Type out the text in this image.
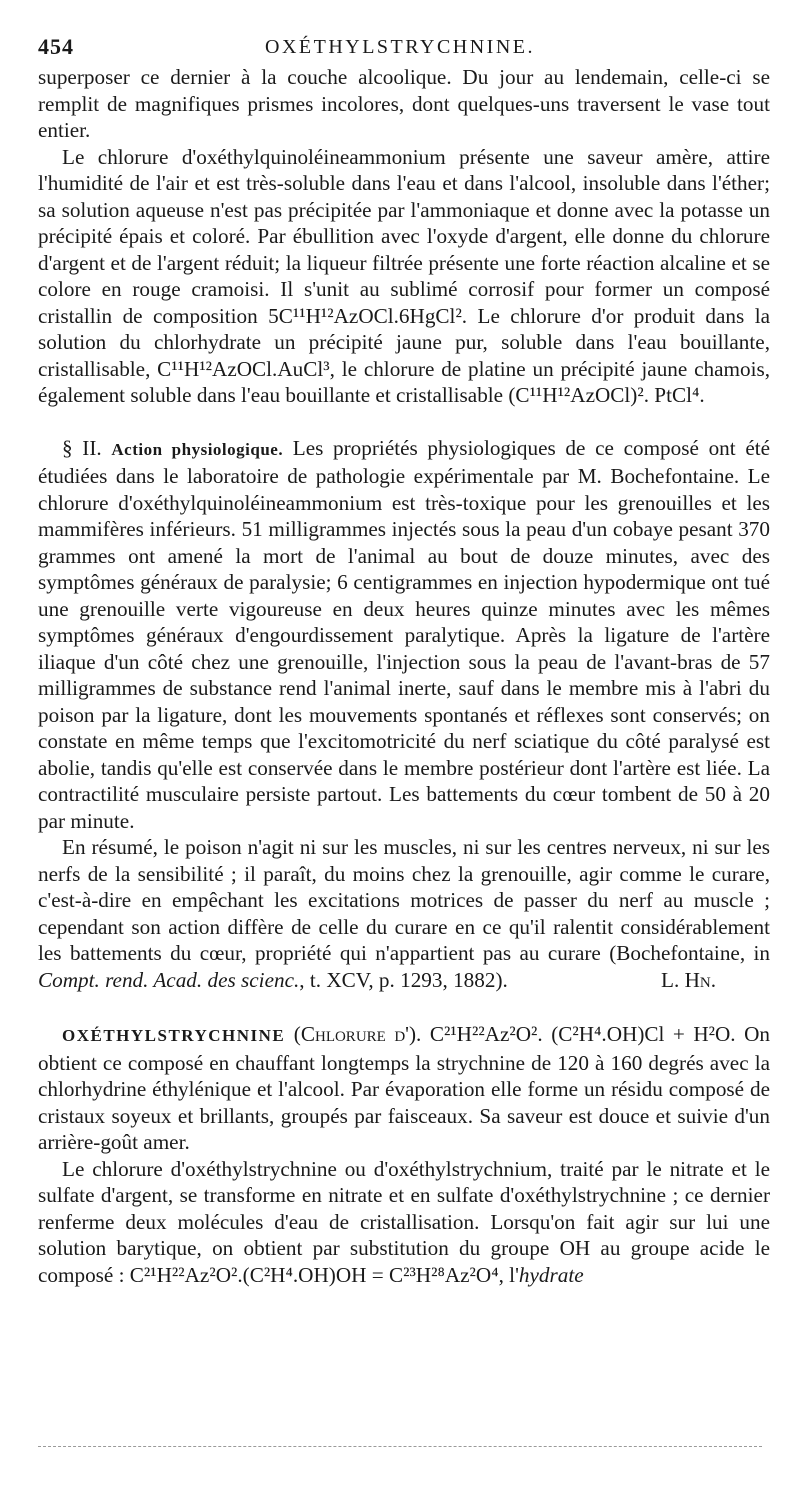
454	OXÉTHYLSTRYCHNINE.

superposer ce dernier à la couche alcoolique. Du jour au lendemain, celle-ci se remplit de magnifiques prismes incolores, dont quelques-uns traversent le vase tout entier.

Le chlorure d'oxéthylquinoléineammonium présente une saveur amère, attire l'humidité de l'air et est très-soluble dans l'eau et dans l'alcool, insoluble dans l'éther; sa solution aqueuse n'est pas précipitée par l'ammoniaque et donne avec la potasse un précipité épais et coloré. Par ébullition avec l'oxyde d'argent, elle donne du chlorure d'argent et de l'argent réduit; la liqueur filtrée présente une forte réaction alcaline et se colore en rouge cramoisi. Il s'unit au sublimé corrosif pour former un composé cristallin de composition 5C¹¹H¹²AzOCl.6HgCl². Le chlorure d'or produit dans la solution du chlorhydrate un précipité jaune pur, soluble dans l'eau bouillante, cristallisable, C¹¹H¹²AzOCl.AuCl³, le chlorure de platine un précipité jaune chamois, également soluble dans l'eau bouillante et cristallisable (C¹¹H¹²AzOCl)². PtCl⁴.

§ II. Action physiologique. Les propriétés physiologiques de ce composé ont été étudiées dans le laboratoire de pathologie expérimentale par M. Bochefontaine. Le chlorure d'oxéthylquinoléineammonium est très-toxique pour les grenouilles et les mammifères inférieurs. 51 milligrammes injectés sous la peau d'un cobaye pesant 370 grammes ont amené la mort de l'animal au bout de douze minutes, avec des symptômes généraux de paralysie; 6 centigrammes en injection hypodermique ont tué une grenouille verte vigoureuse en deux heures quinze minutes avec les mêmes symptômes généraux d'engourdissement paralytique. Après la ligature de l'artère iliaque d'un côté chez une grenouille, l'injection sous la peau de l'avant-bras de 57 milligrammes de substance rend l'animal inerte, sauf dans le membre mis à l'abri du poison par la ligature, dont les mouvements spontanés et réflexes sont conservés; on constate en même temps que l'excitomotricité du nerf sciatique du côté paralysé est abolie, tandis qu'elle est conservée dans le membre postérieur dont l'artère est liée. La contractilité musculaire persiste partout. Les battements du cœur tombent de 50 à 20 par minute.

En résumé, le poison n'agit ni sur les muscles, ni sur les centres nerveux, ni sur les nerfs de la sensibilité ; il paraît, du moins chez la grenouille, agir comme le curare, c'est-à-dire en empêchant les excitations motrices de passer du nerf au muscle ; cependant son action diffère de celle du curare en ce qu'il ralentit considérablement les battements du cœur, propriété qui n'appartient pas au curare (Bochefontaine, in Compt. rend. Acad. des scienc., t. XCV, p. 1293, 1882).	L. Hn.

OXÉTHYLSTRYCHNINE (Chlorure d'). C²¹H²²Az²O². (C²H⁴.OH)Cl + H²O. On obtient ce composé en chauffant longtemps la strychnine de 120 à 160 degrés avec la chlorhydrine éthylénique et l'alcool. Par évaporation elle forme un résidu composé de cristaux soyeux et brillants, groupés par faisceaux. Sa saveur est douce et suivie d'un arrière-goût amer.

Le chlorure d'oxéthylstrychnine ou d'oxéthylstrychnium, traité par le nitrate et le sulfate d'argent, se transforme en nitrate et en sulfate d'oxéthylstrychnine ; ce dernier renferme deux molécules d'eau de cristallisation. Lorsqu'on fait agir sur lui une solution barytique, on obtient par substitution du groupe OH au groupe acide le composé : C²¹H²²Az²O².(C²H⁴.OH)OH = C²³H²⁸Az²O⁴, l'hydrate
